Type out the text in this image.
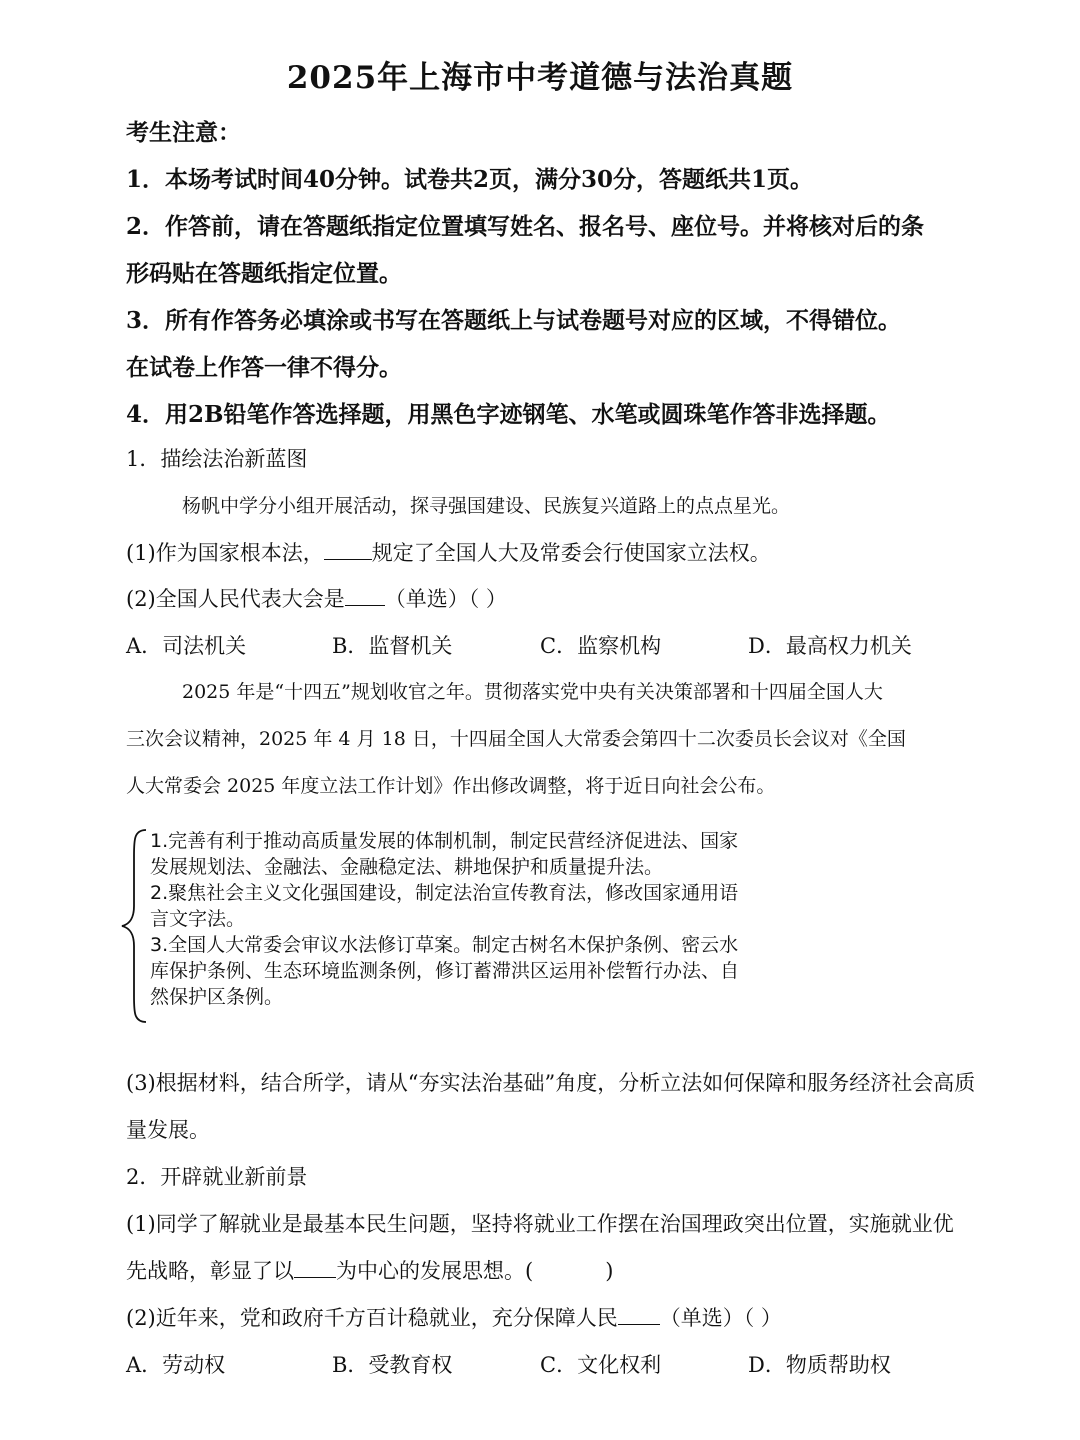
2025年上海市中考道德与法治真题
考生注意：
1．本场考试时间40分钟。试卷共2页，满分30分，答题纸共1页。
2．作答前，请在答题纸指定位置填写姓名、报名号、座位号。并将核对后的条
形码贴在答题纸指定位置。
3．所有作答务必填涂或书写在答题纸上与试卷题号对应的区域，不得错位。
在试卷上作答一律不得分。
4．用2B铅笔作答选择题，用黑色字迹钢笔、水笔或圆珠笔作答非选择题。
1．描绘法治新蓝图
杨帆中学分小组开展活动，探寻强国建设、民族复兴道路上的点点星光。
(1)作为国家根本法， 规定了全国人大及常委会行使国家立法权。
(2)全国人民代表大会是 （单选）（ ）
A．司法机关	B．监督机关	C．监察机构	D．最高权力机关
2025 年是“十四五”规划收官之年。贯彻落实党中央有关决策部署和十四届全国人大
三次会议精神，2025 年 4 月 18 日，十四届全国人大常委会第四十二次委员长会议对《全国
人大常委会 2025 年度立法工作计划》作出修改调整，将于近日向社会公布。
1.完善有利于推动高质量发展的体制机制，制定民营经济促进法、国家发展规划法、金融法、金融稳定法、耕地保护和质量提升法。
2.聚焦社会主义文化强国建设，制定法治宣传教育法，修改国家通用语言文字法。
3.全国人大常委会审议水法修订草案。制定古树名木保护条例、密云水库保护条例、生态环境监测条例，修订蓄滞洪区运用补偿暂行办法、自然保护区条例。
(3)根据材料，结合所学，请从“夯实法治基础”角度，分析立法如何保障和服务经济社会高质
量发展。
2．开辟就业新前景
(1)同学了解就业是最基本民生问题，坚持将就业工作摆在治国理政突出位置，实施就业优
先战略，彰显了以 为中心的发展思想。(	)
(2)近年来，党和政府千方百计稳就业，充分保障人民 （单选）（ ）
A．劳动权	B．受教育权	C．文化权利	D．物质帮助权
